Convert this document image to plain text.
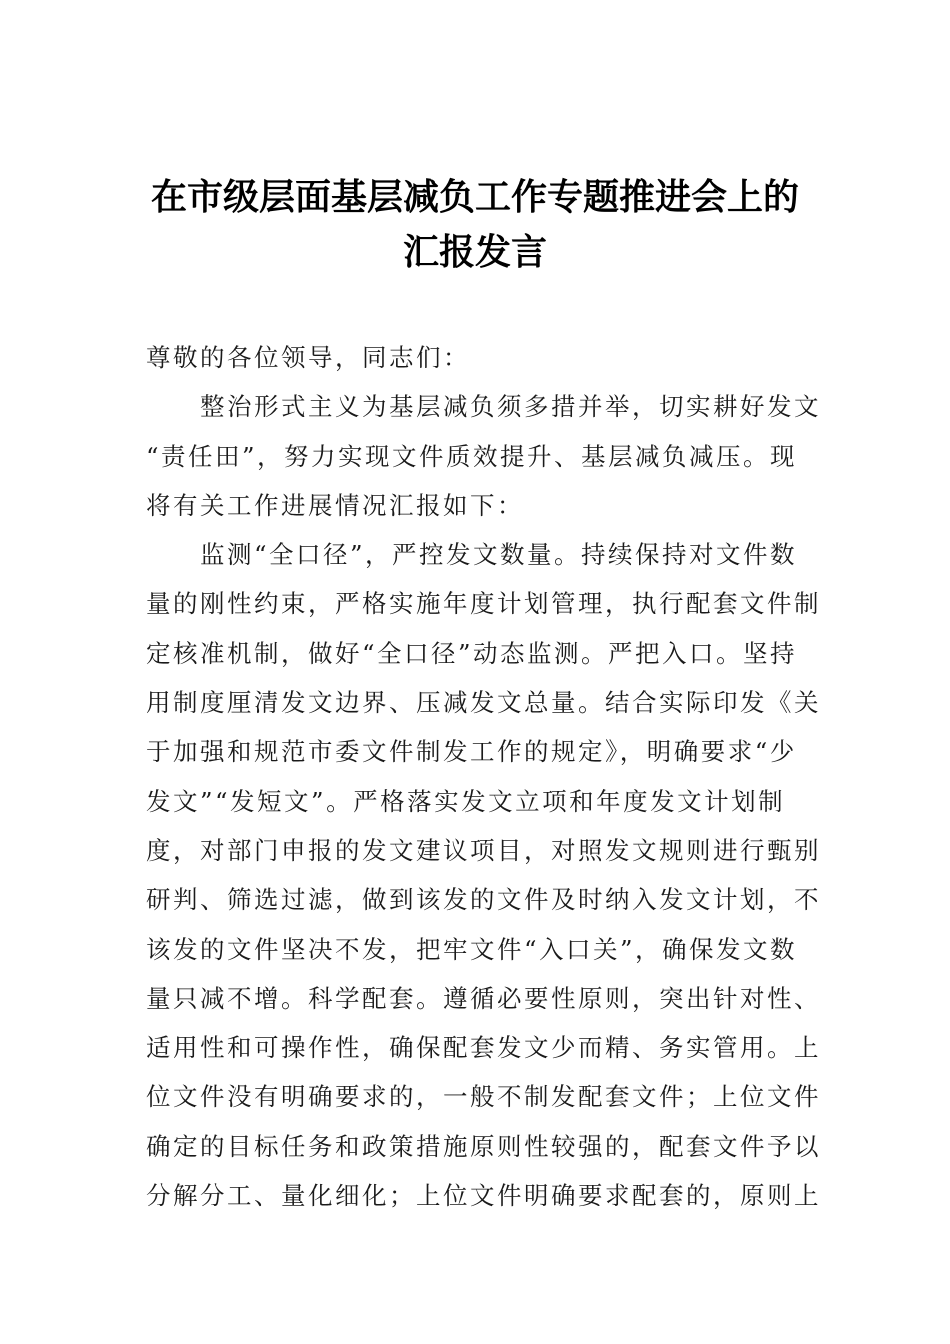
在市级层面基层减负工作专题推进会上的
汇报发言
尊敬的各位领导，同志们：
　　整治形式主义为基层减负须多措并举，切实耕好发文
“责任田”，努力实现文件质效提升、基层减负减压。现
将有关工作进展情况汇报如下：
　　监测“全口径”，严控发文数量。持续保持对文件数
量的刚性约束，严格实施年度计划管理，执行配套文件制
定核准机制，做好“全口径”动态监测。严把入口。坚持
用制度厘清发文边界、压减发文总量。结合实际印发《关
于加强和规范市委文件制发工作的规定》，明确要求“少
发文”“发短文”。严格落实发文立项和年度发文计划制
度，对部门申报的发文建议项目，对照发文规则进行甄别
研判、筛选过滤，做到该发的文件及时纳入发文计划，不
该发的文件坚决不发，把牢文件“入口关”，确保发文数
量只减不增。科学配套。遵循必要性原则，突出针对性、
适用性和可操作性，确保配套发文少而精、务实管用。上
位文件没有明确要求的，一般不制发配套文件；上位文件
确定的目标任务和政策措施原则性较强的，配套文件予以
分解分工、量化细化；上位文件明确要求配套的，原则上
